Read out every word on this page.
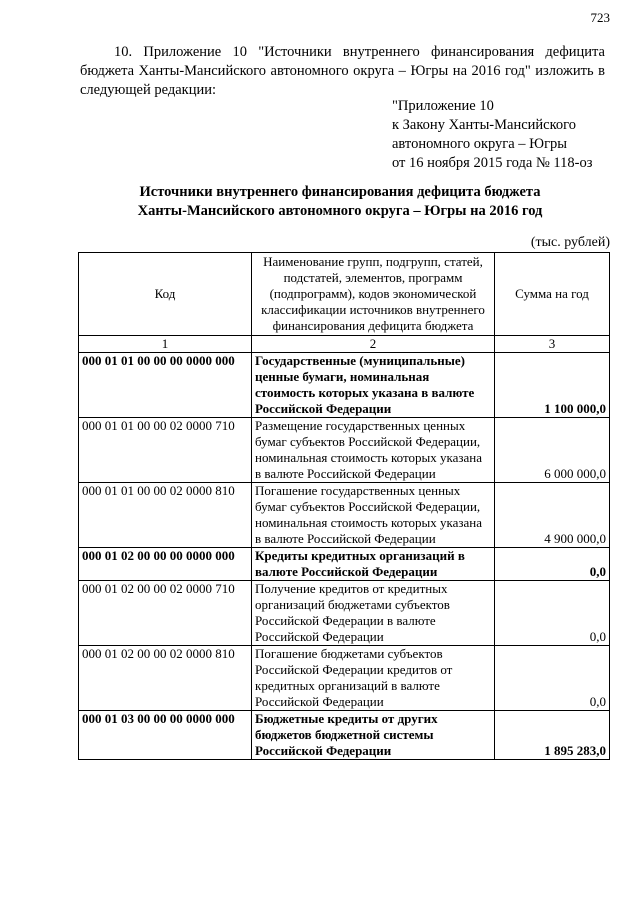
723
10. Приложение 10 "Источники внутреннего финансирования дефицита бюджета Ханты-Мансийского автономного округа – Югры на 2016 год" изложить в следующей редакции:
"Приложение 10
к Закону Ханты-Мансийского
автономного округа – Югры
от 16 ноября 2015 года № 118-оз
Источники внутреннего финансирования дефицита бюджета
Ханты-Мансийского автономного округа – Югры на 2016 год
(тыс. рублей)
Код	Наименование групп, подгрупп, статей, подстатей, элементов, программ (подпрограмм), кодов экономической классификации источников внутреннего финансирования дефицита бюджета	Сумма на год
1	2	3
000 01 01 00 00 00 0000 000	Государственные (муниципальные) ценные бумаги, номинальная стоимость которых указана в валюте Российской Федерации	1 100 000,0
000 01 01 00 00 02 0000 710	Размещение государственных ценных бумаг субъектов Российской Федерации, номинальная стоимость которых указана в валюте Российской Федерации	6 000 000,0
000 01 01 00 00 02 0000 810	Погашение государственных ценных бумаг субъектов Российской Федерации, номинальная стоимость которых указана в валюте Российской Федерации	4 900 000,0
000 01 02 00 00 00 0000 000	Кредиты кредитных организаций в валюте Российской Федерации	0,0
000 01 02 00 00 02 0000 710	Получение кредитов от кредитных организаций бюджетами субъектов Российской Федерации в валюте Российской Федерации	0,0
000 01 02 00 00 02 0000 810	Погашение бюджетами субъектов Российской Федерации кредитов от кредитных организаций в валюте Российской Федерации	0,0
000 01 03 00 00 00 0000 000	Бюджетные кредиты от других бюджетов бюджетной системы Российской Федерации	1 895 283,0
